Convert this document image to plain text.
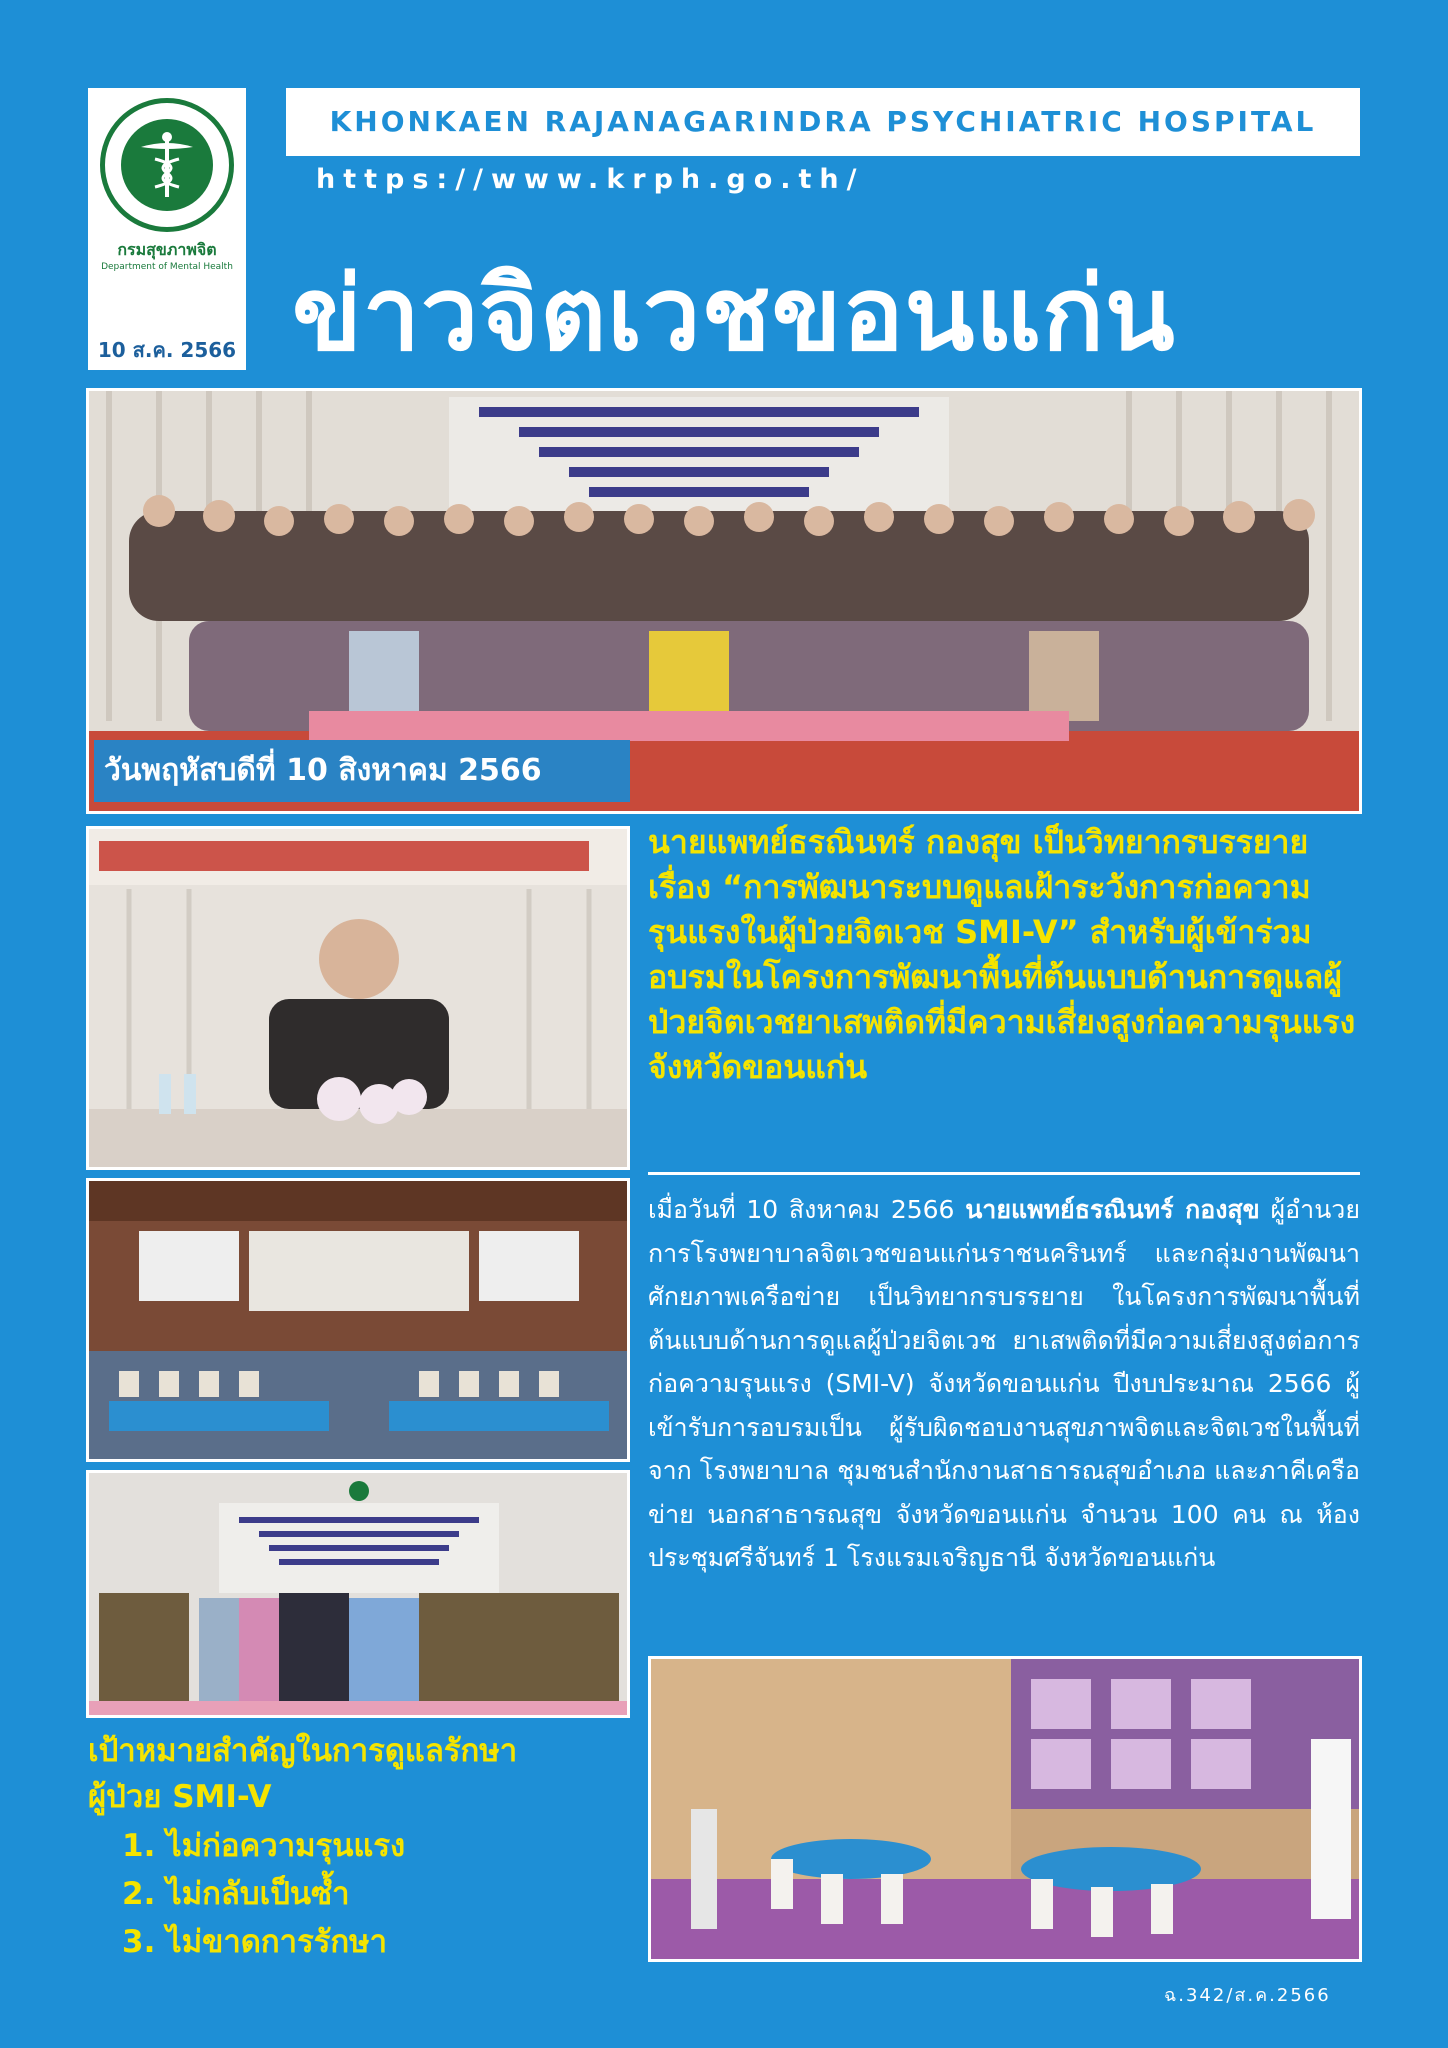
กรมสุขภาพจิต
Department of Mental Health
10 ส.ค. 2566
KHONKAEN RAJANAGARINDRA PSYCHIATRIC HOSPITAL
https://www.krph.go.th/
ข่าวจิตเวชขอนแก่น
วันพฤหัสบดีที่ 10 สิงหาคม 2566
นายแพทย์ธรณินทร์ กองสุข เป็นวิทยากรบรรยาย เรื่อง “การพัฒนาระบบดูแลเฝ้าระวังการก่อความรุนแรงในผู้ป่วยจิตเวช SMI-V” สำหรับผู้เข้าร่วมอบรมในโครงการพัฒนาพื้นที่ต้นแบบด้านการดูแลผู้ป่วยจิตเวชยาเสพติดที่มีความเสี่ยงสูงก่อความรุนแรง จังหวัดขอนแก่น
เมื่อวันที่ 10 สิงหาคม 2566 นายแพทย์ธรณินทร์ กองสุข ผู้อำนวยการโรงพยาบาลจิตเวชขอนแก่นราชนครินทร์ และกลุ่มงานพัฒนาศักยภาพเครือข่าย เป็นวิทยากรบรรยาย ในโครงการพัฒนาพื้นที่ต้นแบบด้านการดูแลผู้ป่วยจิตเวช ยาเสพติดที่มีความเสี่ยงสูงต่อการก่อความรุนแรง (SMI-V) จังหวัดขอนแก่น ปีงบประมาณ 2566 ผู้เข้ารับการอบรมเป็น ผู้รับผิดชอบงานสุขภาพจิตและจิตเวชในพื้นที่ จาก โรงพยาบาล ชุมชนสำนักงานสาธารณสุขอำเภอ และภาคีเครือข่าย นอกสาธารณสุข จังหวัดขอนแก่น จำนวน 100 คน ณ ห้องประชุมศรีจันทร์ 1 โรงแรมเจริญธานี จังหวัดขอนแก่น
เป้าหมายสำคัญในการดูแลรักษา
ผู้ป่วย SMI-V
1. ไม่ก่อความรุนแรง
2. ไม่กลับเป็นซ้ำ
3. ไม่ขาดการรักษา
ฉ.342/ส.ค.2566
